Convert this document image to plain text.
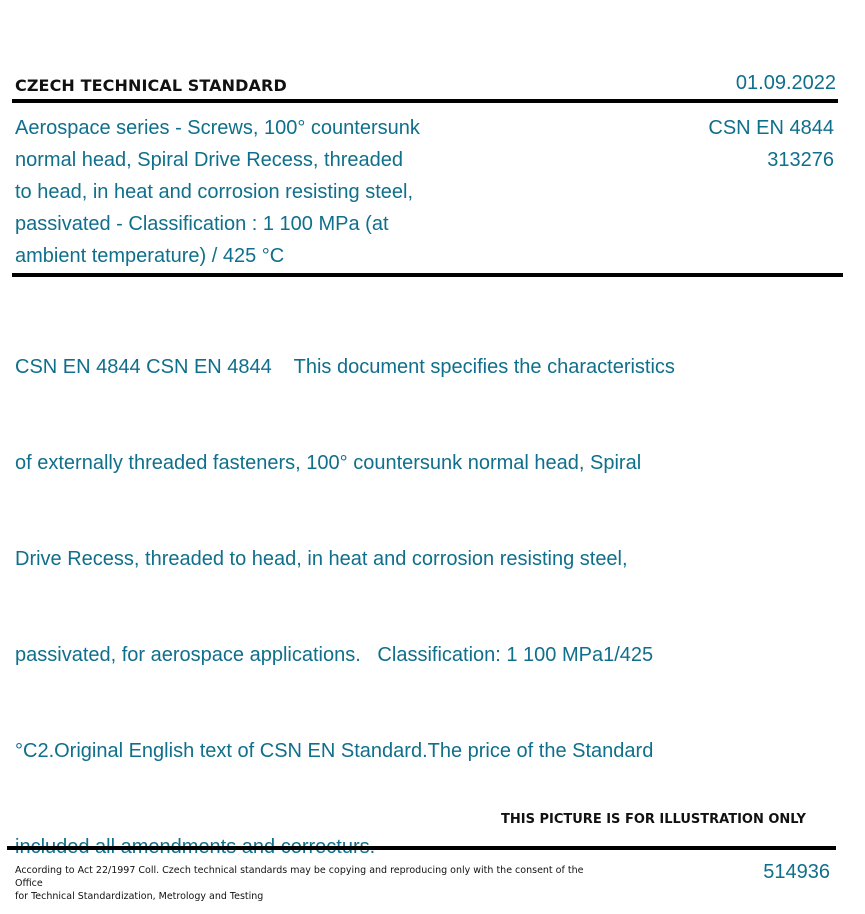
CZECH TECHNICAL STANDARD	01.09.2022
Aerospace series - Screws, 100° countersunk
normal head, Spiral Drive Recess, threaded
to head, in heat and corrosion resisting steel,
passivated - Classification : 1 100 MPa (at
ambient temperature) / 425 °C
CSN EN 4844
313276

CSN EN 4844 CSN EN 4844    This document specifies the characteristics

of externally threaded fasteners, 100° countersunk normal head, Spiral

Drive Recess, threaded to head, in heat and corrosion resisting steel,

passivated, for aerospace applications.   Classification: 1 100 MPa1/425

°C2.Original English text of CSN EN Standard.The price of the Standard

THIS PICTURE IS FOR ILLUSTRATION ONLY
According to Act 22/1997 Coll. Czech technical standards may be copying and reproducing only with the consent of the Office
for Technical Standardization, Metrology and Testing
514936
